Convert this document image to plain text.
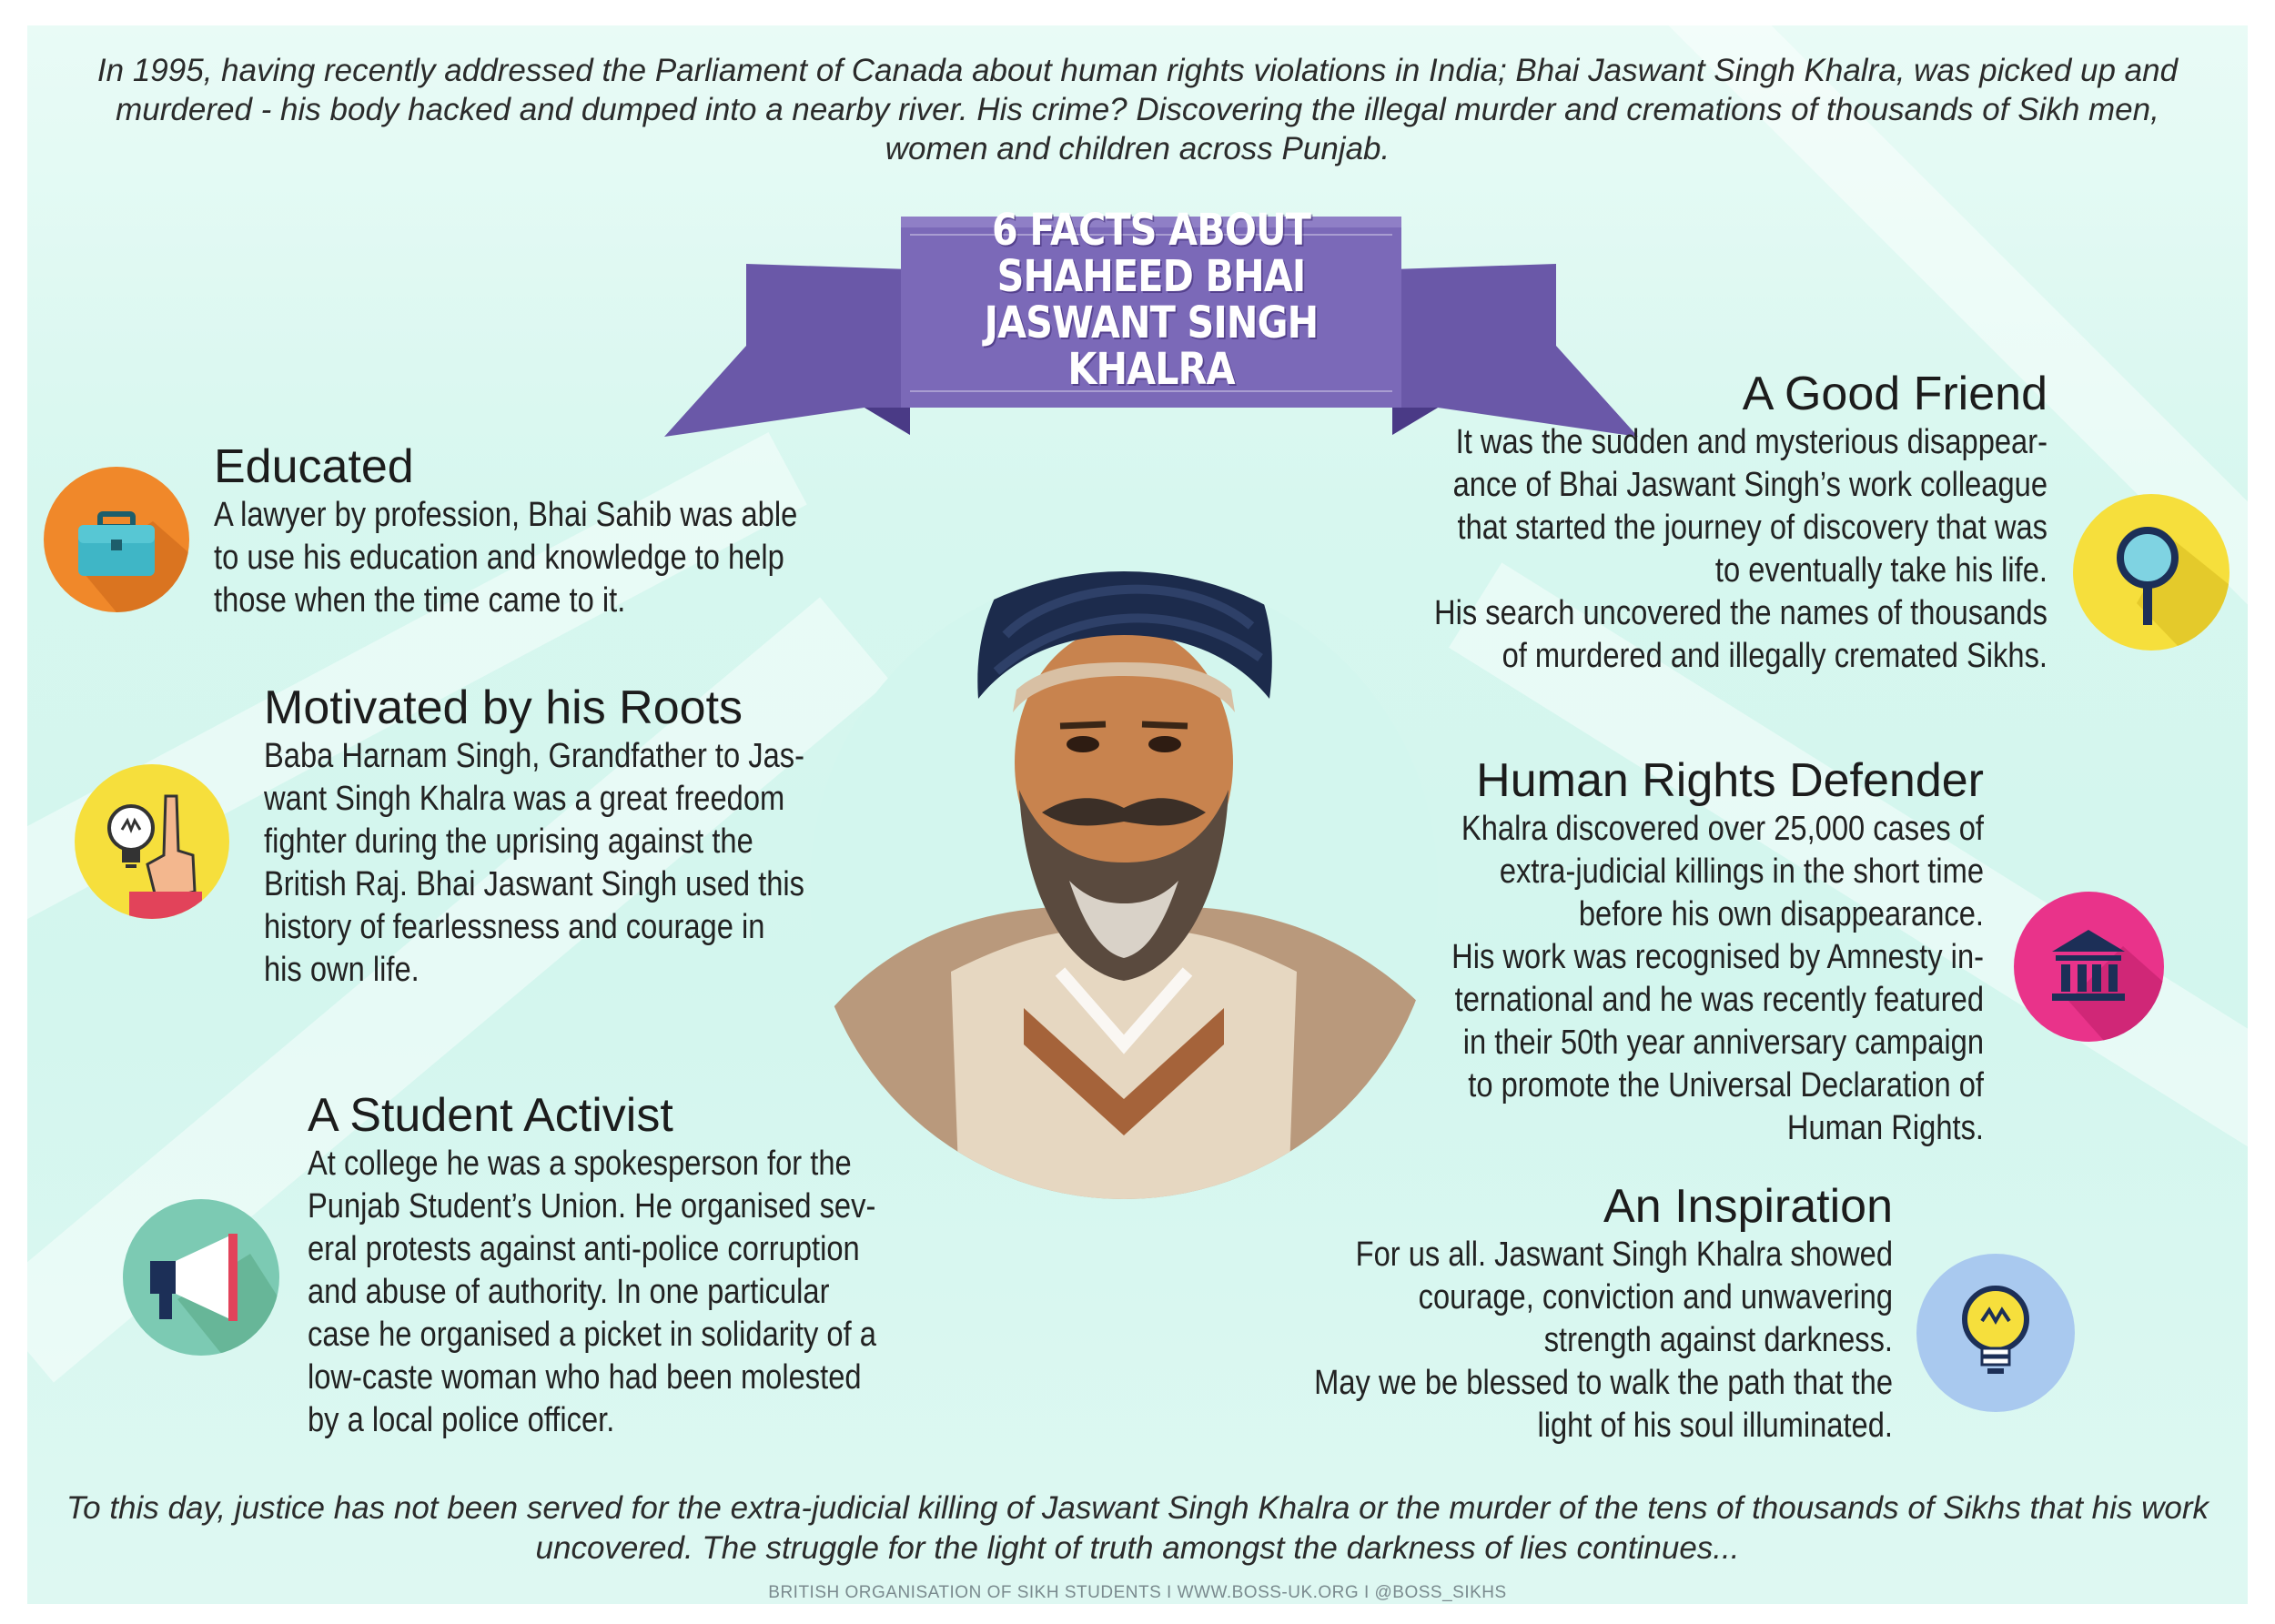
In 1995, having recently addressed the Parliament of Canada about human rights violations in India; Bhai Jaswant Singh Khalra, was picked up and murdered - his body hacked and dumped into a nearby river. His crime? Discovering the illegal murder and cremations of thousands of Sikh men, women and children across Punjab.

6 FACTS ABOUT
SHAHEED BHAI
JASWANT SINGH KHALRA
Educated

A lawyer by profession, Bhai Sahib was able
to use his education and knowledge to help
those when the time came to it.

Motivated by his Roots

Baba Harnam Singh, Grandfather to Jas-
want Singh Khalra was a great freedom
fighter during the uprising against the
British Raj. Bhai Jaswant Singh used this
history of fearlessness and courage in
his own life.

A Student Activist

At college he was a spokesperson for the
Punjab Student’s Union. He organised sev-
eral protests against anti-police corruption
and abuse of authority. In one particular
case he organised a picket in solidarity of a
low-caste woman who had been molested
by a local police officer.

A Good Friend

It was the sudden and mysterious disappear-
ance of Bhai Jaswant Singh’s work colleague
that started the journey of discovery that was
to eventually take his life.
His search uncovered the names of thousands
of murdered and illegally cremated Sikhs.

Human Rights Defender

Khalra discovered over 25,000 cases of
extra-judicial killings in the short time
before his own disappearance.
His work was recognised by Amnesty in-
ternational and he was recently featured
in their 50th year anniversary campaign
to promote the Universal Declaration of
Human Rights.

An Inspiration

For us all. Jaswant Singh Khalra showed
courage, conviction and unwavering
strength against darkness.
May we be blessed to walk the path that the
light of his soul illuminated.

To this day, justice has not been served for the extra-judicial killing of Jaswant Singh Khalra or the murder of the tens of thousands of Sikhs that his work uncovered. The struggle for the light of truth amongst the darkness of lies continues...

BRITISH ORGANISATION OF SIKH STUDENTS I WWW.BOSS-UK.ORG I @BOSS_SIKHS
